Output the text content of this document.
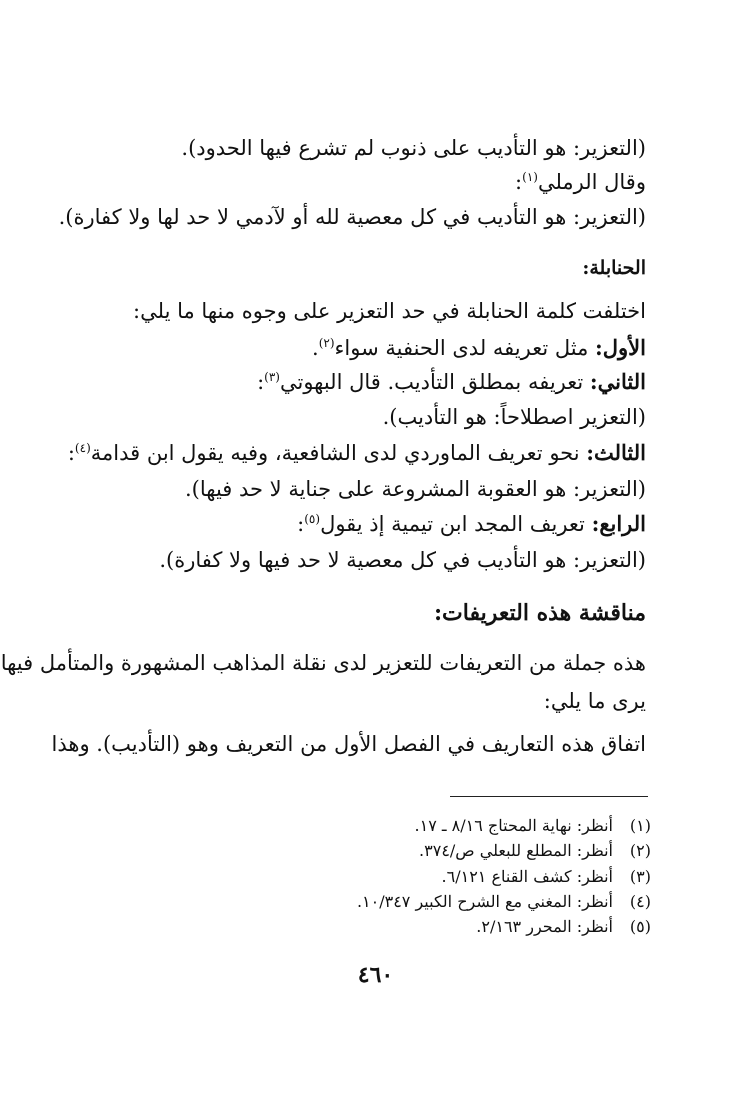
(التعزير: هو التأديب على ذنوب لم تشرع فيها الحدود).
وقال الرملي$^{(١)}$:
(التعزير: هو التأديب في كل معصية لله أو لآدمي لا حد لها ولا كفارة).
الحنابلة:
اختلفت كلمة الحنابلة في حد التعزير على وجوه منها ما يلي:
الأول: مثل تعريفه لدى الحنفية سواء$^{(٢)}$.
الثاني: تعريفه بمطلق التأديب. قال البهوتي$^{(٣)}$:
(التعزير اصطلاحاً: هو التأديب).
الثالث: نحو تعريف الماوردي لدى الشافعية، وفيه يقول ابن قدامة$^{(٤)}$:
(التعزير: هو العقوبة المشروعة على جناية لا حد فيها).
الرابع: تعريف المجد ابن تيمية إذ يقول$^{(٥)}$:
(التعزير: هو التأديب في كل معصية لا حد فيها ولا كفارة).
مناقشة هذه التعريفات:
هذه جملة من التعريفات للتعزير لدى نقلة المذاهب المشهورة والمتأمل فيها
يرى ما يلي:
اتفاق هذه التعاريف في الفصل الأول من التعريف وهو (التأديب). وهذا
(١)أنظر: نهاية المحتاج ٨/١٦ ـ ١٧.
(٢)أنظر: المطلع للبعلي ص/٣٧٤.
(٣)أنظر: كشف القناع ٦/١٢١.
(٤)أنظر: المغني مع الشرح الكبير ١٠/٣٤٧.
(٥)أنظر: المحرر ٢/١٦٣.
٤٦٠
